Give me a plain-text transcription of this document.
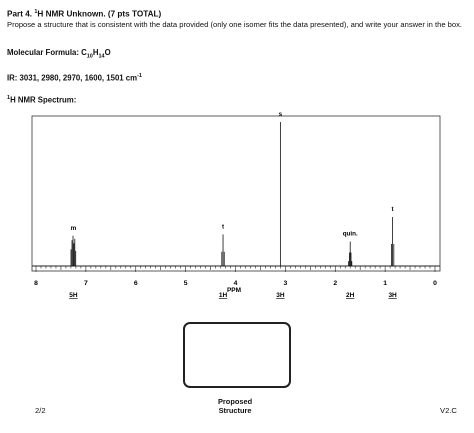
Part 4. $^1$H NMR Unknown. (7 pts TOTAL)
Propose a structure that is consistent with the data provided (only one isomer fits the data presented), and write your answer in the box.
Molecular Formula: $C_{10}H_{14}O$
IR: 3031, 2980, 2970, 1600, 1501 $cm^{-1}$
$^1$H NMR Spectrum:
8	7	6	5	4	3	2	1	0
m
5H
t
1H
s
3H
quin.
2H
t
3H
PPM
Proposed
Structure
2/2	V2.C
